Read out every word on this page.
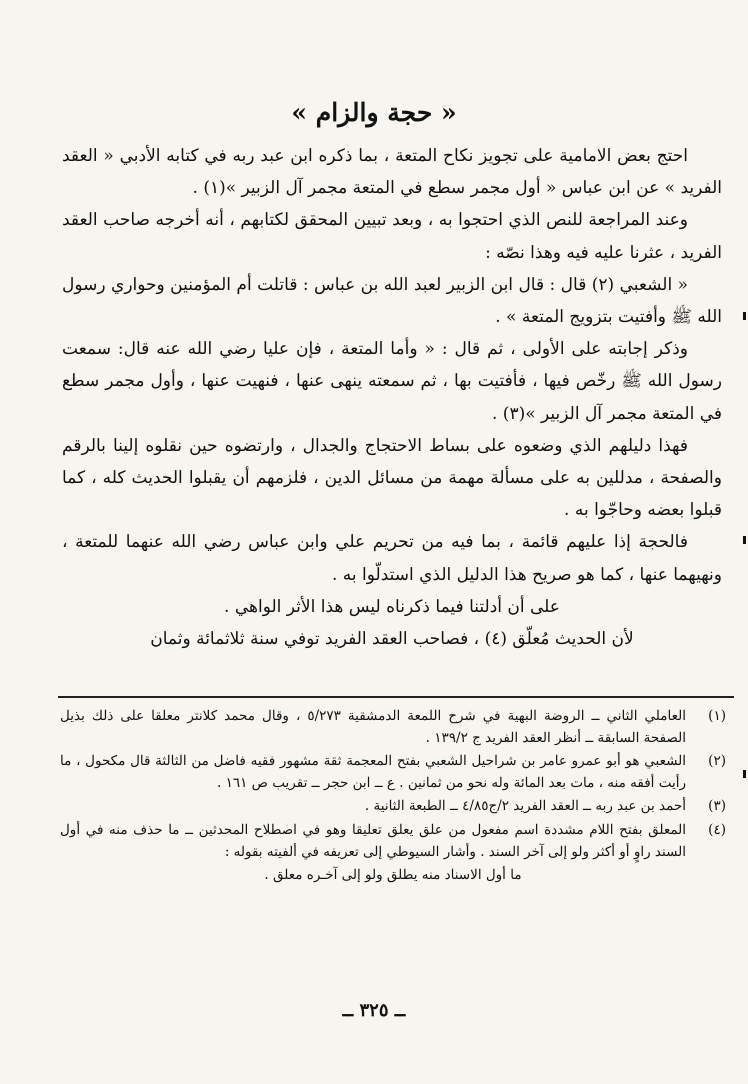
« حجة والزام »

احتج بعض الامامية على تجويز نكاح المتعة ، بما ذكره ابن عبد ربه في كتابه الأدبي « العقد الفريد » عن ابن عباس « أول مجمر سطع في المتعة مجمر آل الزبير »(١) .

وعند المراجعة للنص الذي احتجوا به ، وبعد تبيين المحقق لكتابهم ، أنه أخرجه صاحب العقد الفريد ، عثرنا عليه فيه وهذا نصّه :

« الشعبي (٢) قال : قال ابن الزبير لعبد الله بن عباس : قاتلت أم المؤمنين وحواري رسول الله ﷺ وأفتيت بتزويج المتعة » .

وذكر إجابته على الأولى ، ثم قال : « وأما المتعة ، فإن عليا رضي الله عنه قال: سمعت رسول الله ﷺ رخّص فيها ، فأفتيت بها ، ثم سمعته ينهى عنها ، فنهيت عنها ، وأول مجمر سطع في المتعة مجمر آل الزبير »(٣) .

فهذا دليلهم الذي وضعوه على بساط الاحتجاج والجدال ، وارتضوه حين نقلوه إلينا بالرقم والصفحة ، مدللين به على مسألة مهمة من مسائل الدين ، فلزمهم أن يقبلوا الحديث كله ، كما قبلوا بعضه وحاجّوا به .

فالحجة إذا عليهم قائمة ، بما فيه من تحريم علي وابن عباس رضي الله عنهما للمتعة ، ونهيهما عنها ، كما هو صريح هذا الدليل الذي استدلّوا به .

على أن أدلتنا فيما ذكرناه ليس هذا الأثر الواهي .

لأن الحديث مُعلّق (٤) ، فصاحب العقد الفريد توفي سنة ثلاثمائة وثمان

(١)
العاملي الثاني ــ الروضة البهية في شرح اللمعة الدمشقية ٥/٢٧٣ ، وقال محمد كلانتر معلقا على ذلك بذيل الصفحة السابقة ــ أنظر العقد الفريد ج ١٣٩/٢ .
(٢)
الشعبي هو أبو عمرو عامر بن شراحيل الشعبي بفتح المعجمة ثقة مشهور فقيه فاضل من الثالثة قال مكحول ، ما رأيت أفقه منه ، مات بعد المائة وله نحو من ثمانين . ع ــ ابن حجر ــ تقريب ص ١٦١ .
(٣)
أحمد بن عبد ربه ــ العقد الفريد ٢/ج٤/٨٥ ــ الطبعة الثانية .
(٤)
المعلق بفتح اللام مشددة اسم مفعول من علق يعلق تعليقا وهو في اصطلاح المحدثين ــ ما حذف منه في أول السند راوٍ أو أكثر ولو إلى آخر السند . وأشار السيوطي إلى تعريفه في ألفيته بقوله :
ما أول الاسناد منه يطلق ولو إلى آخـره معلق .
ــ ٣٢٥ ــ
